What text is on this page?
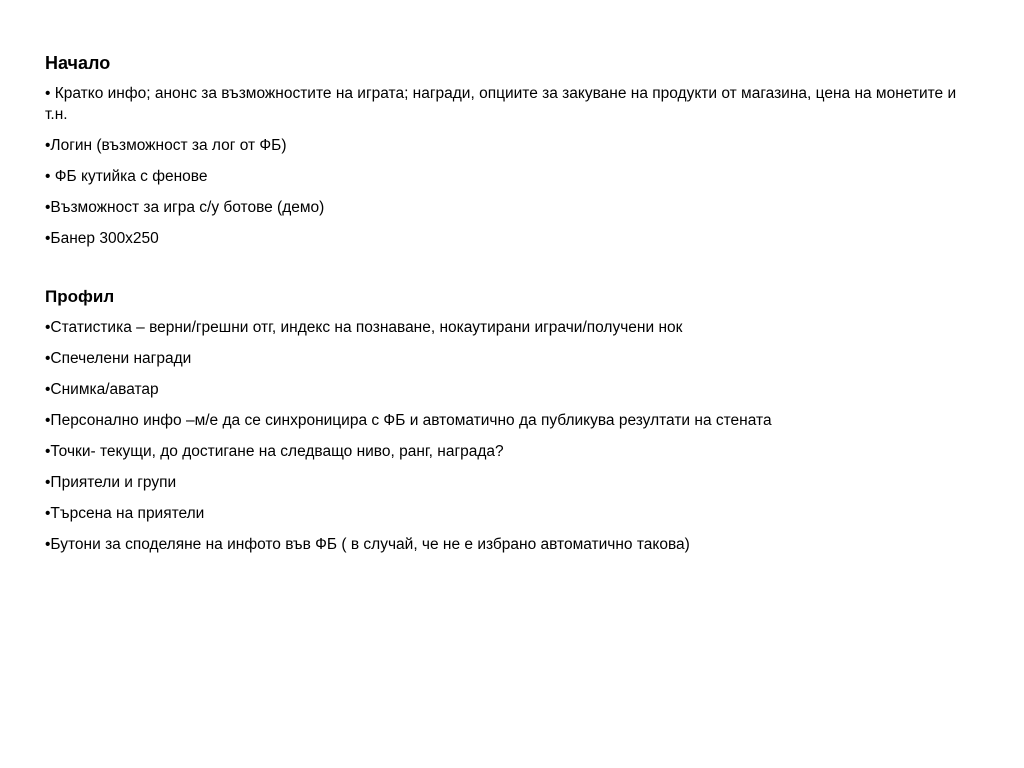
Начало
• Кратко инфо; анонс за възможностите на играта; награди, опциите за закуване на продукти от магазина, цена на монетите и т.н.
•Логин (възможност за лог от ФБ)
• ФБ кутийка с фенове
•Възможност за игра с/у ботове (демо)
•Банер 300x250
Профил
•Статистика – верни/грешни отг, индекс на познаване, нокаутирани играчи/получени нок
•Спечелени награди
•Снимка/аватар
•Персонално инфо –м/е да се синхроницира с ФБ и автоматично да публикува резултати на стената
•Точки- текущи, до достигане на следващо ниво, ранг, награда?
•Приятели и групи
•Търсена на приятели
•Бутони за споделяне на инфото във ФБ ( в случай, че не е избрано автоматично такова)
